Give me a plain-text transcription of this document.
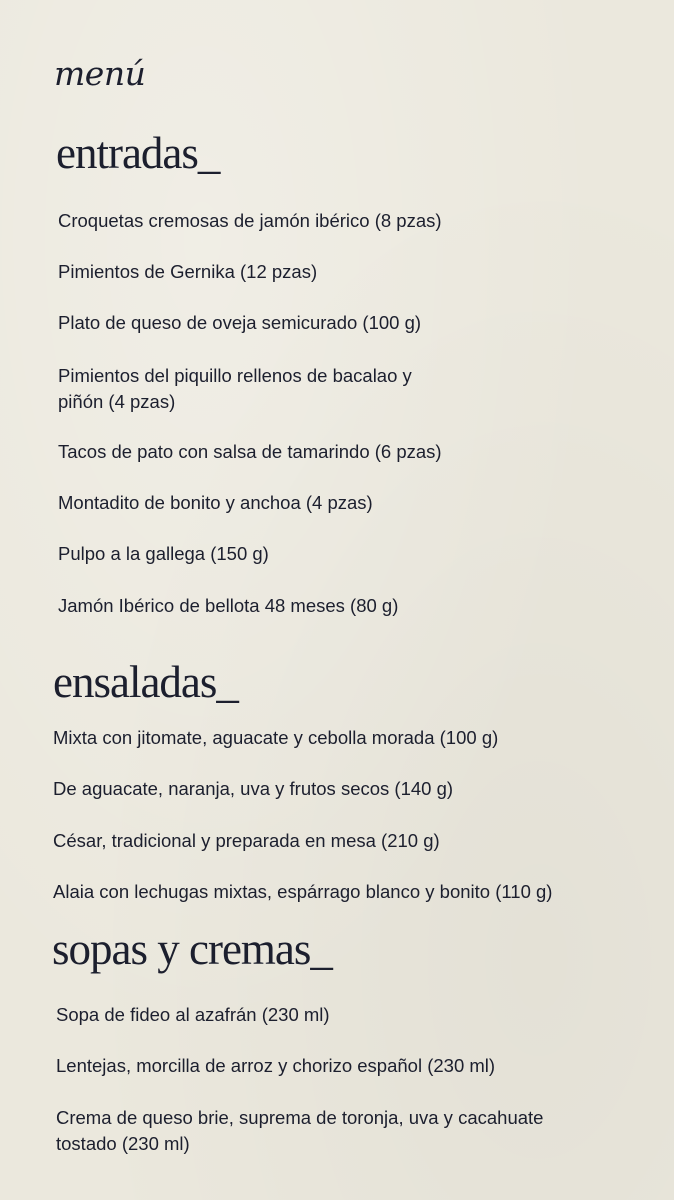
menú
entradas_
Croquetas cremosas de jamón ibérico (8 pzas)
Pimientos de Gernika (12 pzas)
Plato de queso de oveja semicurado (100 g)
Pimientos del piquillo rellenos de bacalao y
piñón (4 pzas)
Tacos de pato con salsa de tamarindo (6 pzas)
Montadito de bonito y anchoa (4 pzas)
Pulpo a la gallega (150 g)
Jamón Ibérico de bellota 48 meses (80 g)
ensaladas_
Mixta con jitomate, aguacate y cebolla morada (100 g)
De aguacate, naranja, uva y frutos secos (140 g)
César, tradicional y preparada en mesa (210 g)
Alaia con lechugas mixtas, espárrago blanco y bonito (110 g)
sopas y cremas_
Sopa de fideo al azafrán (230 ml)
Lentejas, morcilla de arroz y chorizo español (230 ml)
Crema de queso brie, suprema de toronja, uva y cacahuate
tostado (230 ml)
